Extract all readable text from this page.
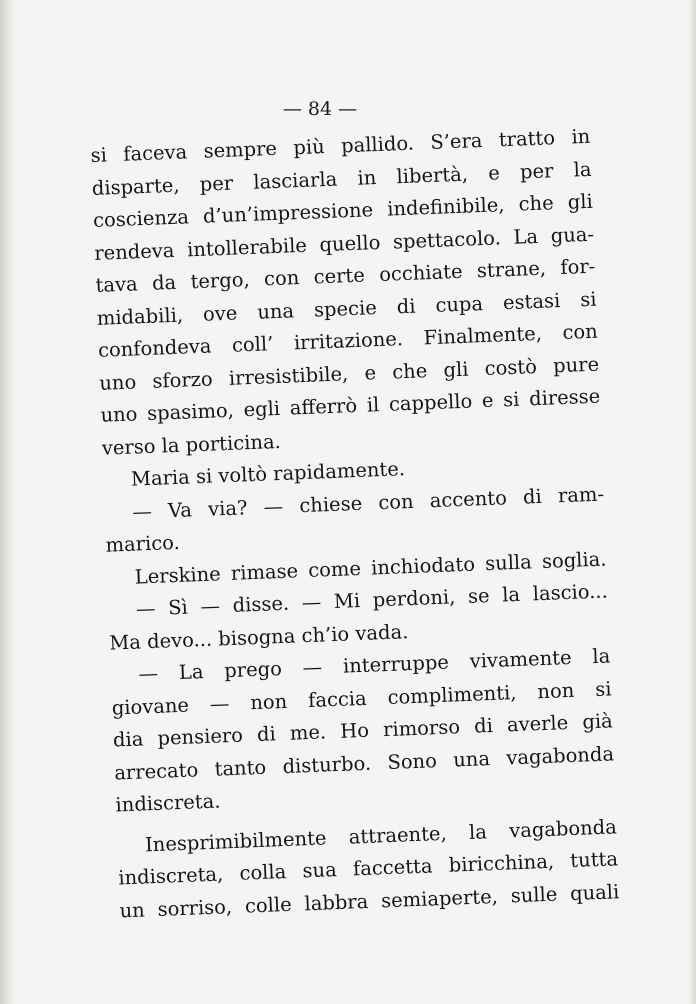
— 84 —
si faceva sempre più pallido. S’era tratto in
disparte, per lasciarla in libertà, e per la
coscienza d’un’impressione indefinibile, che gli
rendeva intollerabile quello spettacolo. La gua-
tava da tergo, con certe occhiate strane, for-
midabili, ove una specie di cupa estasi si
confondeva coll’ irritazione. Finalmente, con
uno sforzo irresistibile, e che gli costò pure
uno spasimo, egli afferrò il cappello e si diresse
verso la porticina.
Maria si voltò rapidamente.
— Va via? — chiese con accento di ram-
marico.
Lerskine rimase come inchiodato sulla soglia.
— Sì — disse. — Mi perdoni, se la lascio...
Ma devo... bisogna ch’io vada.
— La prego — interruppe vivamente la
giovane — non faccia complimenti, non si
dia pensiero di me. Ho rimorso di averle già
arrecato tanto disturbo. Sono una vagabonda
indiscreta.
Inesprimibilmente attraente, la vagabonda
indiscreta, colla sua faccetta biricchina, tutta
un sorriso, colle labbra semiaperte, sulle quali
